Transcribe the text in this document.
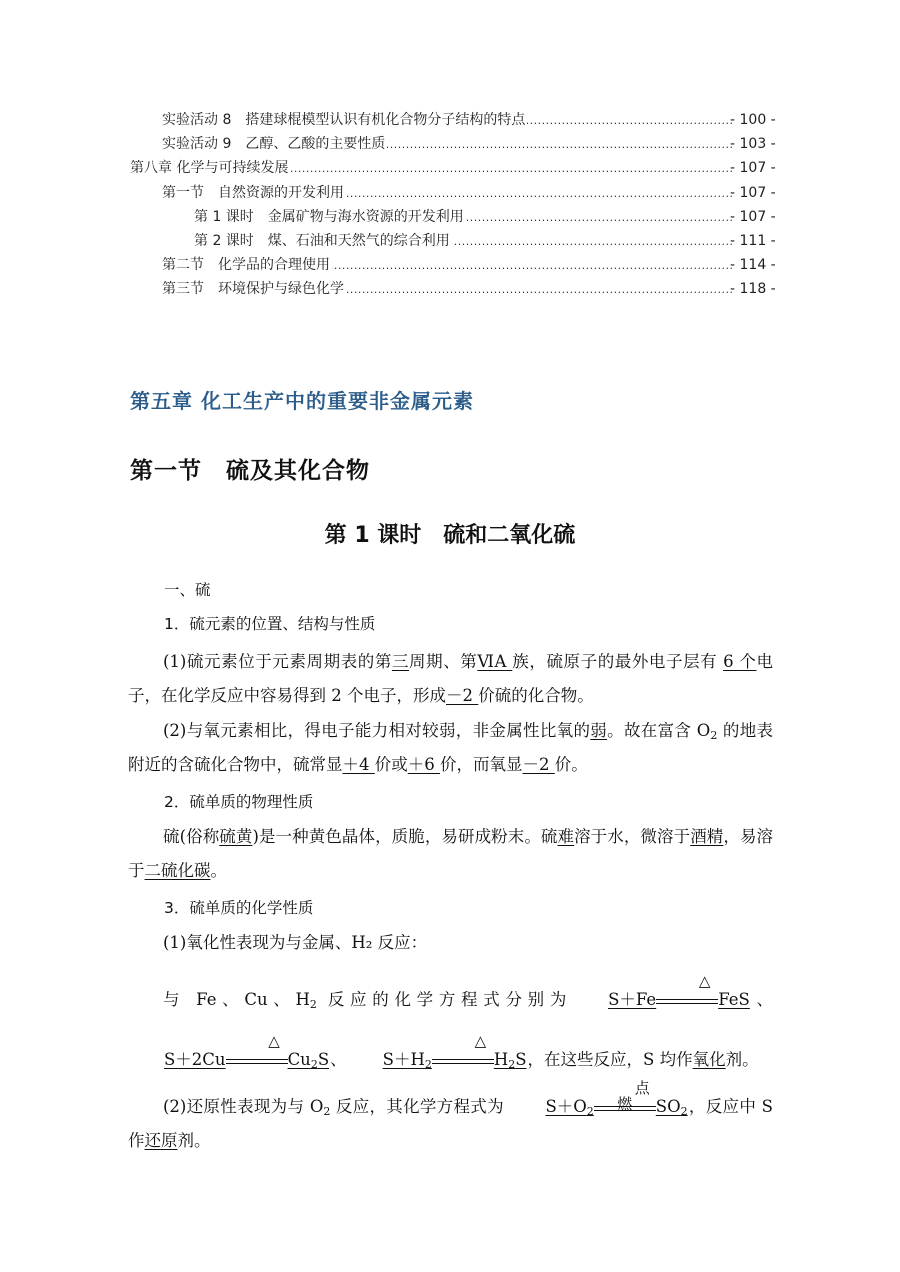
.....
实验活动 8　搭建球棍模型认识有机化合物分子结构的特点	- 100 -
.....
实验活动 9　乙醇、乙酸的主要性质	- 103 -
.....
第八章 化学与可持续发展	- 107 -
.....
第一节　自然资源的开发利用	- 107 -
.....
第 1 课时　金属矿物与海水资源的开发利用	- 107 -
.....
第 2 课时　煤、石油和天然气的综合利用	- 111 -
.....
第二节　化学品的合理使用	- 114 -
.....
第三节　环境保护与绿色化学	- 118 -
第五章 化工生产中的重要非金属元素
第一节　硫及其化合物
第 1 课时　硫和二氧化硫
一、硫
1．硫元素的位置、结构与性质
(1)硫元素位于元素周期表的第三周期、第ⅥA 族，硫原子的最外电子层有 6 个电子，在化学反应中容易得到 2 个电子，形成－2 价硫的化合物。
(2)与氧元素相比，得电子能力相对较弱，非金属性比氧的弱。故在富含 $O_2$ 的地表附近的含硫化合物中，硫常显＋4 价或＋6 价，而氧显－2 价。
2．硫单质的物理性质
硫(俗称硫黄)是一种黄色晶体，质脆，易研成粉末。硫难溶于水，微溶于酒精，易溶于二硫化碳。
3．硫单质的化学性质
(1)氧化性表现为与金属、H₂ 反应：
与 Fe、Cu、$H_2$ 反应的化学方程式分别为 S＋Fe
△
FeS、S＋2Cu
△
$Cu_2S$、 $S+H_2$
△
$H_2S$，在这些反应，S 均作氧化剂。
(2)还原性表现为与 $O_2$ 反应，其化学方程式为 $S+O_2$
点燃	$SO_2$，反应中 S 作还原剂。
